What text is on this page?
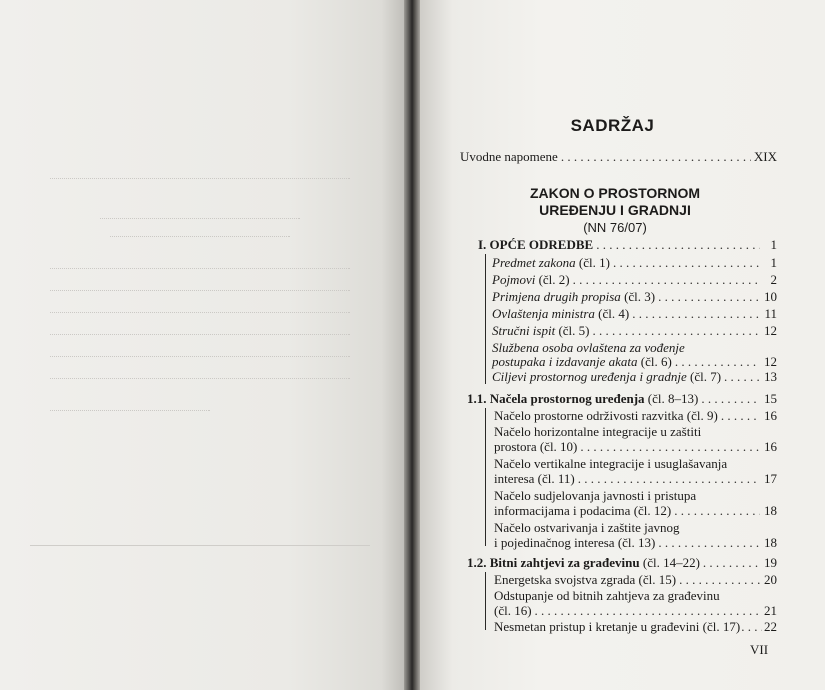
SADRŽAJ
Uvodne napomene . . .	XIX
ZAKON O PROSTORNOM
UREĐENJU I GRADNJI
(NN 76/07)
I. OPĆE ODREDBE . . .	1
Predmet zakona (čl. 1) . . .	1
Pojmovi (čl. 2) . . .	2
Primjena drugih propisa (čl. 3) . . .	10
Ovlaštenja ministra (čl. 4) . . .	11
Stručni ispit (čl. 5) . . .	12
Službena osoba ovlaštena za vođenje
postupaka i izdavanje akata (čl. 6) . . .	12
Ciljevi prostornog uređenja i gradnje (čl. 7) . . .	13
1.1. Načela prostornog uređenja (čl. 8–13) . . .	15
Načelo prostorne održivosti razvitka (čl. 9) . . .	16
Načelo horizontalne integracije u zaštiti
prostora (čl. 10) . . .	16
Načelo vertikalne integracije i usuglašavanja
interesa (čl. 11) . . .	17
Načelo sudjelovanja javnosti i pristupa
informacijama i podacima (čl. 12) . . .	18
Načelo ostvarivanja i zaštite javnog
i pojedinačnog interesa (čl. 13) . . .	18
1.2. Bitni zahtjevi za građevinu (čl. 14–22) . . .	19
Energetska svojstva zgrada (čl. 15) . . .	20
Odstupanje od bitnih zahtjeva za građevinu
(čl. 16) . . .	21
Nesmetan pristup i kretanje u građevini (čl. 17) . . . 22
VII
